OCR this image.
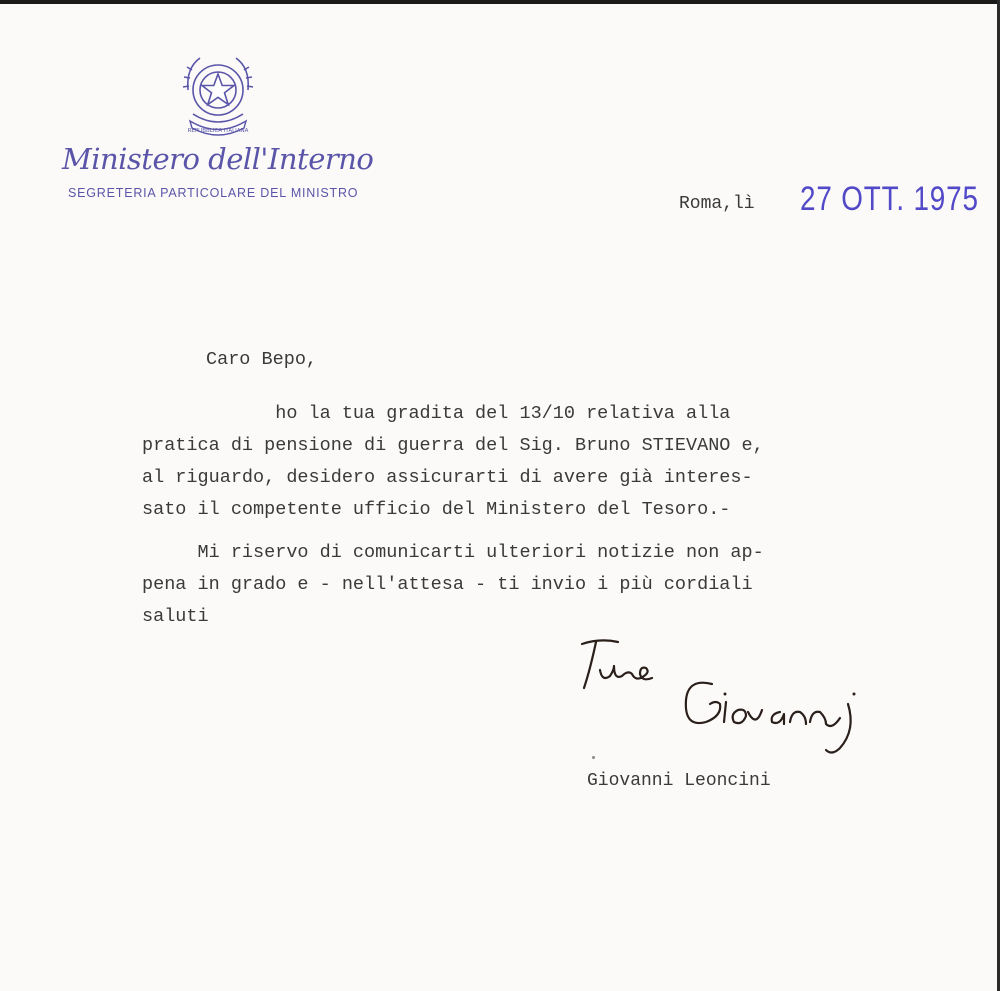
REPUBBLICA ITALIANA
Ministero dell'Interno
SEGRETERIA PARTICOLARE DEL MINISTRO
Roma,lì 27 OTT. 1975
Caro Bepo,
ho la tua gradita del 13/10 relativa alla
pratica di pensione di guerra del Sig. Bruno STIEVANO e,
al riguardo, desidero assicurarti di avere già interes-
sato il competente ufficio del Ministero del Tesoro.-
Mi riservo di comunicarti ulteriori notizie non ap-
pena in grado e - nell'attesa - ti invio i più cordiali
saluti
Tuo Giovanni
Giovanni Leoncini
